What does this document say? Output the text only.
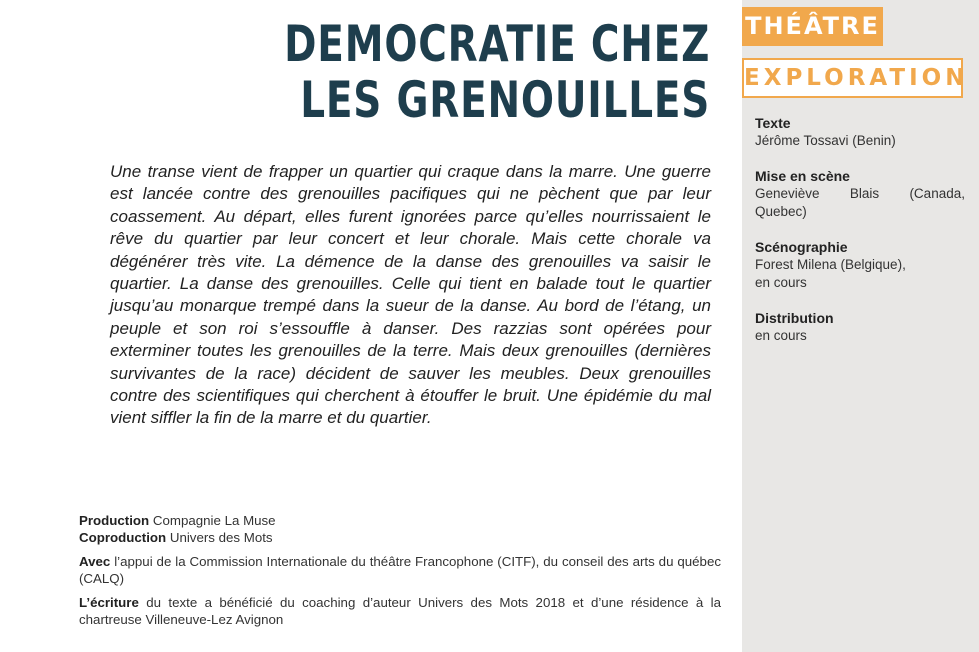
DEMOCRATIE CHEZ
LES GRENOUILLES

Une transe vient de frapper un quartier qui craque dans la marre. Une guerre est lancée contre des grenouilles pacifiques qui ne pèchent que par leur coassement. Au départ, elles furent ignorées parce qu’elles nourrissaient le rêve du quartier par leur concert et leur chorale. Mais cette chorale va dégénérer très vite. La démence de la danse des grenouilles va saisir le quartier. La danse des grenouilles. Celle qui tient en balade tout le quartier jusqu’au monarque trempé dans la sueur de la danse. Au bord de l’étang, un peuple et son roi s’essouffle à danser. Des razzias sont opérées pour exterminer toutes les grenouilles de la terre. Mais deux grenouilles (dernières survivantes de la race) décident de sauver les meubles. Deux grenouilles contre des scientifiques qui cherchent à étouffer le bruit. Une épidémie du mal vient siffler la fin de la marre et du quartier.

Production Compagnie La Muse

Coproduction Univers des Mots

Avec l’appui de la Commission Internationale du théâtre Francophone (CITF), du conseil des arts du québec (CALQ)

L’écriture du texte a bénéficié du coaching d’auteur Univers des Mots 2018 et d’une résidence à la chartreuse Villeneuve-Lez Avignon

THÉÂTRE
EXPLORATION
Texte
Jérôme Tossavi (Benin)
Mise en scène
Geneviève Blais (Canada,
Quebec)
Scénographie
Forest Milena (Belgique),
en cours
Distribution
en cours
